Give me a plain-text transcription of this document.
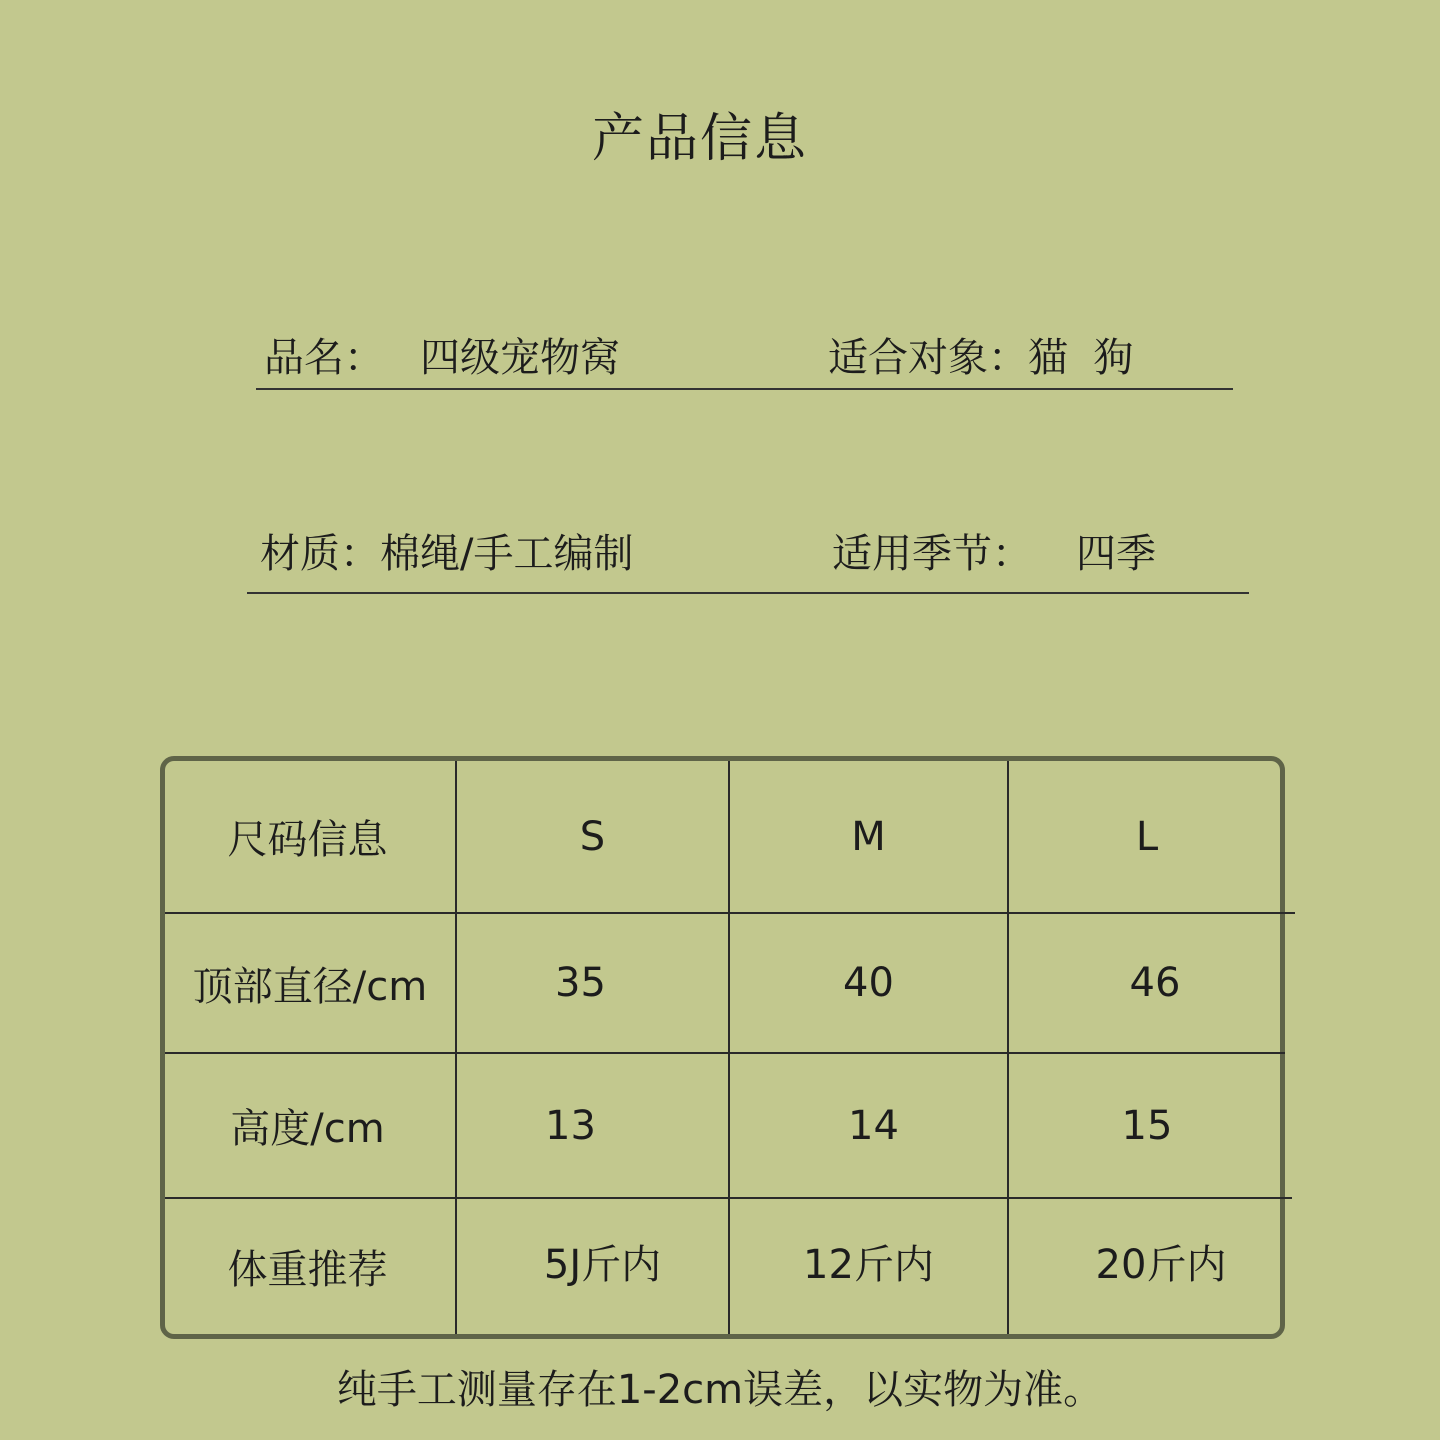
产品信息
品名： 四级宠物窝	适合对象：猫  狗
材质：棉绳/手工编制	适用季节： 四季
尺码信息	S	M	L
顶部直径/cm	35	40	46
高度/cm	13	14	15
体重推荐	5J斤内	12斤内	20斤内
纯手工测量存在1-2cm误差，以实物为准。
